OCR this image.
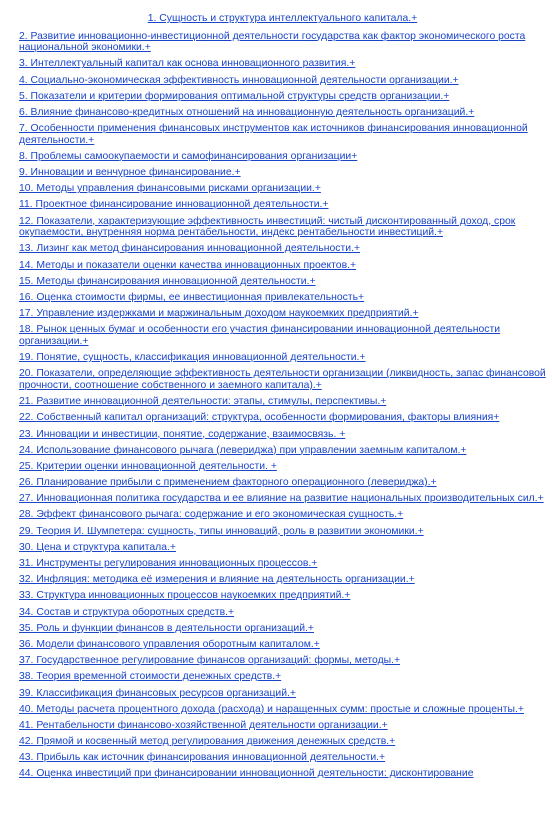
1. Сущность и структура интеллектуального капитала.+
2. Развитие инновационно-инвестиционной деятельности государства как фактор экономического роста национальной экономики.+
3. Интеллектуальный капитал как основа инновационного развития.+
4. Социально-экономическая эффективность инновационной деятельности организации.+
5. Показатели и критерии формирования оптимальной структуры средств организации.+
6. Влияние финансово-кредитных отношений на инновационную деятельность организаций.+
7. Особенности применения финансовых инструментов как источников финансирования инновационной деятельности.+
8. Проблемы самоокупаемости и самофинансирования организации+
9. Инновации и венчурное финансирование.+
10. Методы управления финансовыми рисками организации.+
11. Проектное финансирование инновационной деятельности.+
12. Показатели, характеризующие эффективность инвестиций: чистый дисконтированный доход, срок окупаемости, внутренняя норма рентабельности, индекс рентабельности инвестиций.+
13. Лизинг как метод финансирования инновационной деятельности.+
14. Методы и показатели оценки качества инновационных проектов.+
15. Методы финансирования инновационной деятельности.+
16. Оценка стоимости фирмы, ее инвестиционная привлекательность+
17. Управление издержками и маржинальным доходом наукоемких предприятий.+
18. Рынок ценных бумаг и особенности его участия финансировании инновационной деятельности организации.+
19. Понятие, сущность, классификация инновационной деятельности.+
20. Показатели, определяющие эффективность деятельности организации (ликвидность, запас финансовой прочности, соотношение собственного и заемного капитала).+
21. Развитие инновационной деятельности: этапы, стимулы, перспективы.+
22. Собственный капитал организаций: структура, особенности формирования, факторы влияния+
23. Инновации и инвестиции, понятие, содержание, взаимосвязь. +
24. Использование финансового рычага (левериджа) при управлении заемным капиталом.+
25. Критерии оценки инновационной деятельности. +
26. Планирование прибыли с применением факторного операционного (левериджа).+
27. Инновационная политика государства и ее влияние на развитие национальных производительных сил.+
28. Эффект финансового рычага: содержание и его экономическая сущность.+
29. Теория И. Шумпетера: сущность, типы инноваций, роль в развитии экономики.+
30. Цена и структура капитала.+
31. Инструменты регулирования инновационных процессов.+
32. Инфляция: методика её измерения и влияние на деятельность организации.+
33. Структура инновационных процессов наукоемких предприятий.+
34. Состав и структура оборотных средств.+
35. Роль и функции финансов в деятельности организаций.+
36. Модели финансового управления оборотным капиталом.+
37. Государственное регулирование финансов организаций: формы, методы.+
38. Теория временной стоимости денежных средств.+
39. Классификация финансовых ресурсов организаций.+
40. Методы расчета процентного дохода (расхода) и наращенных сумм: простые и сложные проценты.+
41. Рентабельности финансово-хозяйственной деятельности организации.+
42. Прямой и косвенный метод регулирования движения денежных средств.+
43. Прибыль как источник финансирования инновационной деятельности.+
44. Оценка инвестиций при финансировании инновационной деятельности: дисконтирование
